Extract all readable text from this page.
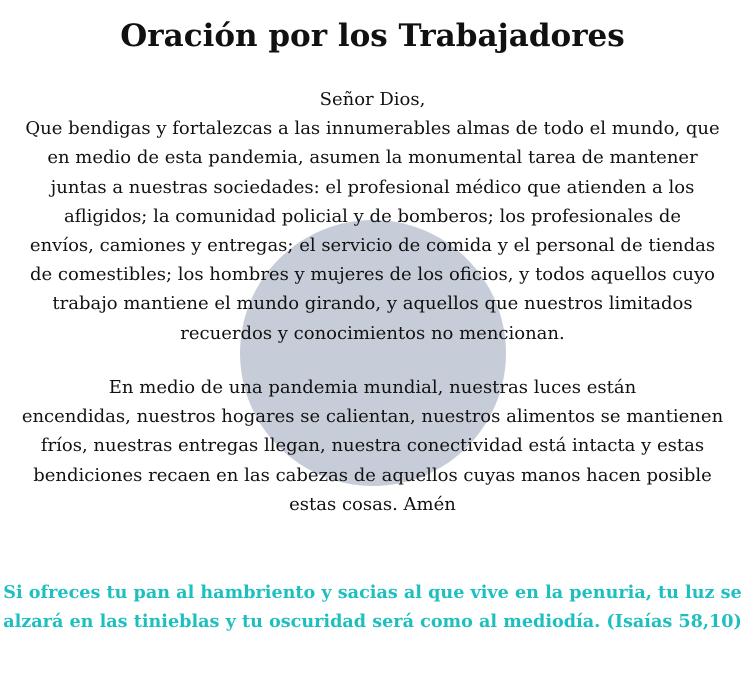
Oración por los Trabajadores
Señor Dios,
Que bendigas y fortalezcas a las innumerables almas de todo el mundo, que
en medio de esta pandemia, asumen la monumental tarea de mantener
juntas a nuestras sociedades: el profesional médico que atienden a los
afligidos; la comunidad policial y de bomberos; los profesionales de
envíos, camiones y entregas; el servicio de comida y el personal de tiendas
de comestibles; los hombres y mujeres de los oficios, y todos aquellos cuyo
trabajo mantiene el mundo girando, y aquellos que nuestros limitados
recuerdos y conocimientos no mencionan.
En medio de una pandemia mundial, nuestras luces están
encendidas, nuestros hogares se calientan, nuestros alimentos se mantienen
fríos, nuestras entregas llegan, nuestra conectividad está intacta y estas
bendiciones recaen en las cabezas de aquellos cuyas manos hacen posible
estas cosas. Amén
Si ofreces tu pan al hambriento y sacias al que vive en la penuria, tu luz se
alzará en las tinieblas y tu oscuridad será como al mediodía. (Isaías 58,10)
